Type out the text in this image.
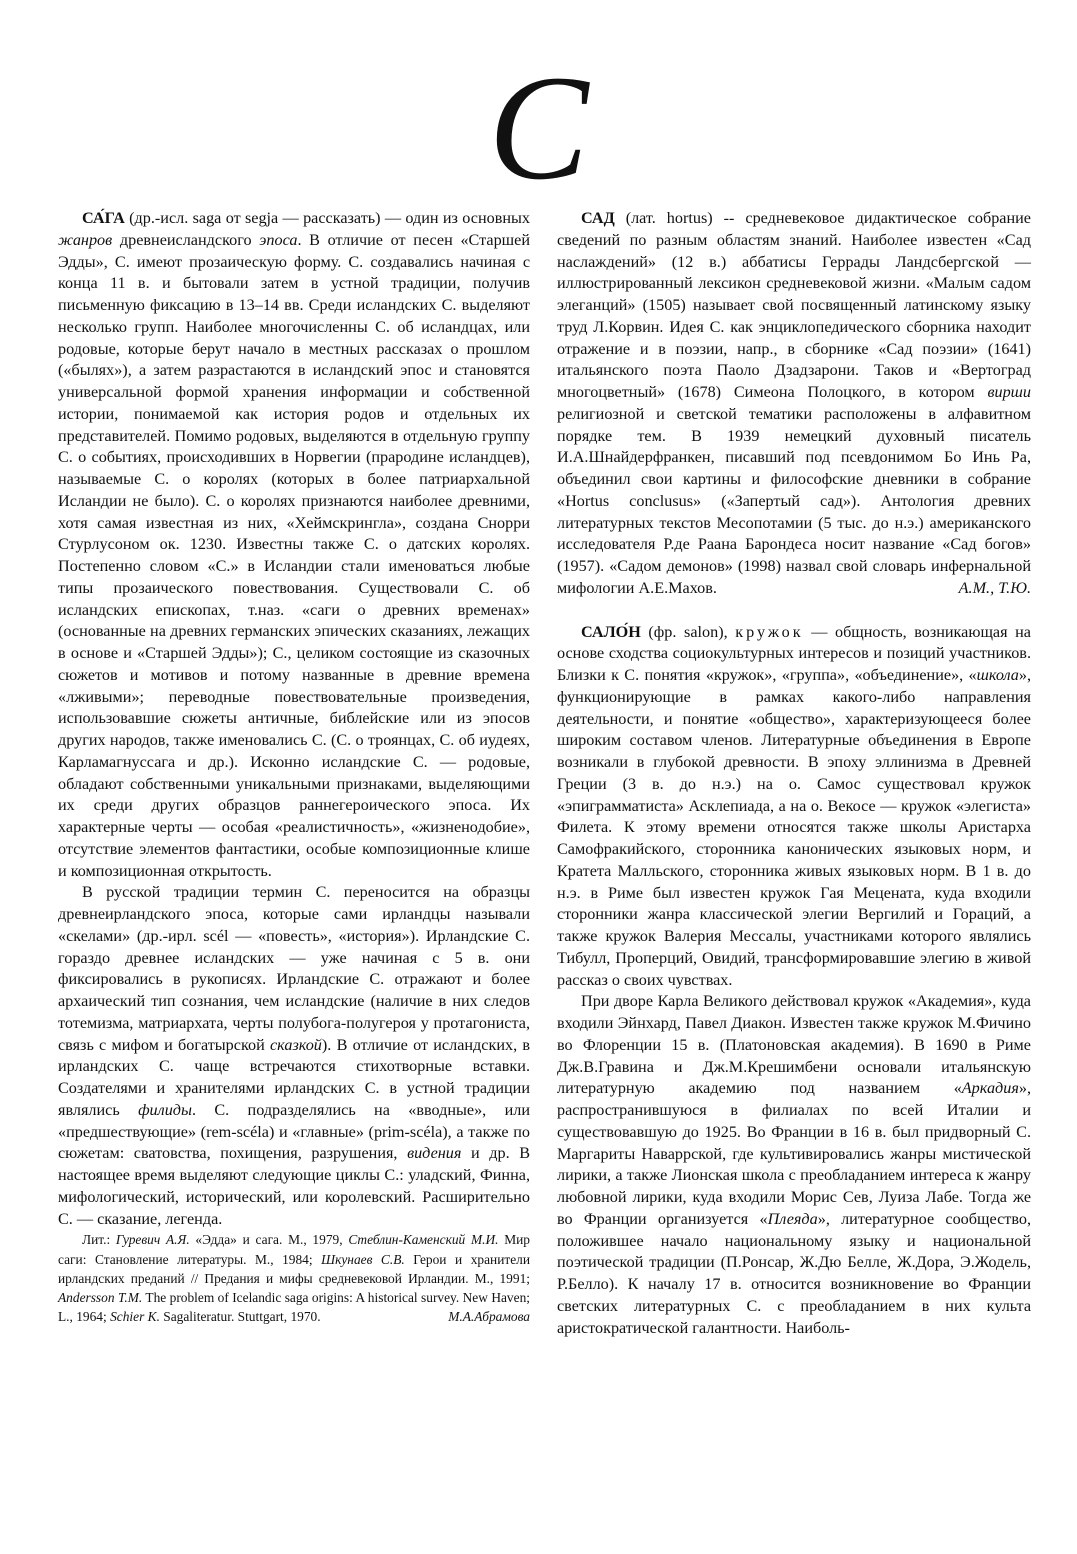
С

СА́ГА (др.-исл. saga от segja — рассказать) — один из основных жанров древнеисландского эпоса. В отличие от песен «Старшей Эдды», С. имеют прозаическую форму. С. создавались начиная с конца 11 в. и бытовали затем в устной традиции, получив письменную фиксацию в 13–14 вв. Среди исландских С. выделяют несколько групп. Наиболее многочисленны С. об исландцах, или родовые, которые берут начало в местных рассказах о прошлом («былях»), а затем разрастаются в исландский эпос и становятся универсальной формой хранения информации и собственной истории, понимаемой как история родов и отдельных их представителей. Помимо родовых, выделяются в отдельную группу С. о событиях, происходивших в Норвегии (прародине исландцев), называемые С. о королях (которых в более патриархальной Исландии не было). С. о королях признаются наиболее древними, хотя самая известная из них, «Хеймскрингла», создана Снорри Стурлусоном ок. 1230. Известны также С. о датских королях. Постепенно словом «С.» в Исландии стали именоваться любые типы прозаического повествования. Существовали С. об исландских епископах, т.наз. «саги о древних временах» (основанные на древних германских эпических сказаниях, лежащих в основе и «Старшей Эдды»); С., целиком состоящие из сказочных сюжетов и мотивов и потому названные в древние времена «лживыми»; переводные повествовательные произведения, использовавшие сюжеты античные, библейские или из эпосов других народов, также именовались С. (С. о троянцах, С. об иудеях, Карламагнуссага и др.). Исконно исландские С. — родовые, обладают собственными уникальными признаками, выделяющими их среди других образцов раннегероического эпоса. Их характерные черты — особая «реалистичность», «жизненодобие», отсутствие элементов фантастики, особые композиционные клише и композиционная открытость.

В русской традиции термин С. переносится на образцы древнеирландского эпоса, которые сами ирландцы называли «скелами» (др.-ирл. scél — «повесть», «история»). Ирландские С. гораздо древнее исландских — уже начиная с 5 в. они фиксировались в рукописях. Ирландские С. отражают и более архаический тип сознания, чем исландские (наличие в них следов тотемизма, матриархата, черты полубога-полугероя у протагониста, связь с мифом и богатырской сказкой). В отличие от исландских, в ирландских С. чаще встречаются стихотворные вставки. Создателями и хранителями ирландских С. в устной традиции являлись филиды. С. подразделялись на «вводные», или «предшествующие» (rem-scéla) и «главные» (prim-scéla), а также по сюжетам: сватовства, похищения, разрушения, видения и др. В настоящее время выделяют следующие циклы С.: уладский, Финна, мифологический, исторический, или королевский. Расширительно С. — сказание, легенда.

Лит.: Гуревич А.Я. «Эдда» и сага. М., 1979, Стеблин-Каменский М.И. Мир саги: Становление литературы. М., 1984; Шкунаев С.В. Герои и хранители ирландских преданий // Предания и мифы средневековой Ирландии. М., 1991; Andersson T.M. The problem of Icelandic saga origins: A historical survey. New Haven; L., 1964; Schier K. Sagaliteratur. Stuttgart, 1970.	М.А.Абрамова

САД (лат. hortus) -- средневековое дидактическое собрание сведений по разным областям знаний. Наиболее известен «Сад наслаждений» (12 в.) аббатисы Геррады Ландсбергской — иллюстрированный лексикон средневековой жизни. «Малым садом элеганций» (1505) называет свой посвященный латинскому языку труд Л.Корвин. Идея С. как энциклопедического сборника находит отражение и в поэзии, напр., в сборнике «Сад поэзии» (1641) итальянского поэта Паоло Дзадзарони. Таков и «Вертоград многоцветный» (1678) Симеона Полоцкого, в котором вирши религиозной и светской тематики расположены в алфавитном порядке тем. В 1939 немецкий духовный писатель И.А.Шнайдерфранкен, писавший под псевдонимом Бо Инь Ра, объединил свои картины и философские дневники в собрание «Hortus conclusus» («Запертый сад»). Антология древних литературных текстов Месопотамии (5 тыс. до н.э.) американского исследователя Р.де Раана Барондеса носит название «Сад богов» (1957). «Садом демонов» (1998) назвал свой словарь инфернальной мифологии А.Е.Махов.	А.М., Т.Ю.

САЛО́Н (фр. salon), кружок — общность, возникающая на основе сходства социокультурных интересов и позиций участников. Близки к С. понятия «кружок», «группа», «объединение», «школа», функционирующие в рамках какого-либо направления деятельности, и понятие «общество», характеризующееся более широким составом членов. Литературные объединения в Европе возникали в глубокой древности. В эпоху эллинизма в Древней Греции (3 в. до н.э.) на о. Самос существовал кружок «эпиграмматиста» Асклепиада, а на о. Векосе — кружок «элегиста» Филета. К этому времени относятся также школы Аристарха Самофракийского, сторонника канонических языковых норм, и Кратета Малльского, сторонника живых языковых норм. В 1 в. до н.э. в Риме был известен кружок Гая Мецената, куда входили сторонники жанра классической элегии Вергилий и Гораций, а также кружок Валерия Мессалы, участниками которого являлись Тибулл, Проперций, Овидий, трансформировавшие элегию в живой рассказ о своих чувствах.

При дворе Карла Великого действовал кружок «Академия», куда входили Эйнхард, Павел Диакон. Известен также кружок М.Фичино во Флоренции 15 в. (Платоновская академия). В 1690 в Риме Дж.В.Гравина и Дж.М.Крешимбени основали итальянскую литературную академию под названием «Аркадия», распространившуюся в филиалах по всей Италии и существовавшую до 1925. Во Франции в 16 в. был придворный С. Маргариты Наваррской, где культивировались жанры мистической лирики, а также Лионская школа с преобладанием интереса к жанру любовной лирики, куда входили Морис Сев, Луиза Лабе. Тогда же во Франции организуется «Плеяда», литературное сообщество, положившее начало национальному языку и национальной поэтической традиции (П.Ронсар, Ж.Дю Белле, Ж.Дора, Э.Жодель, Р.Белло). К началу 17 в. относится возникновение во Франции светских литературных С. с преобладанием в них культа аристократической галантности. Наиболь-
